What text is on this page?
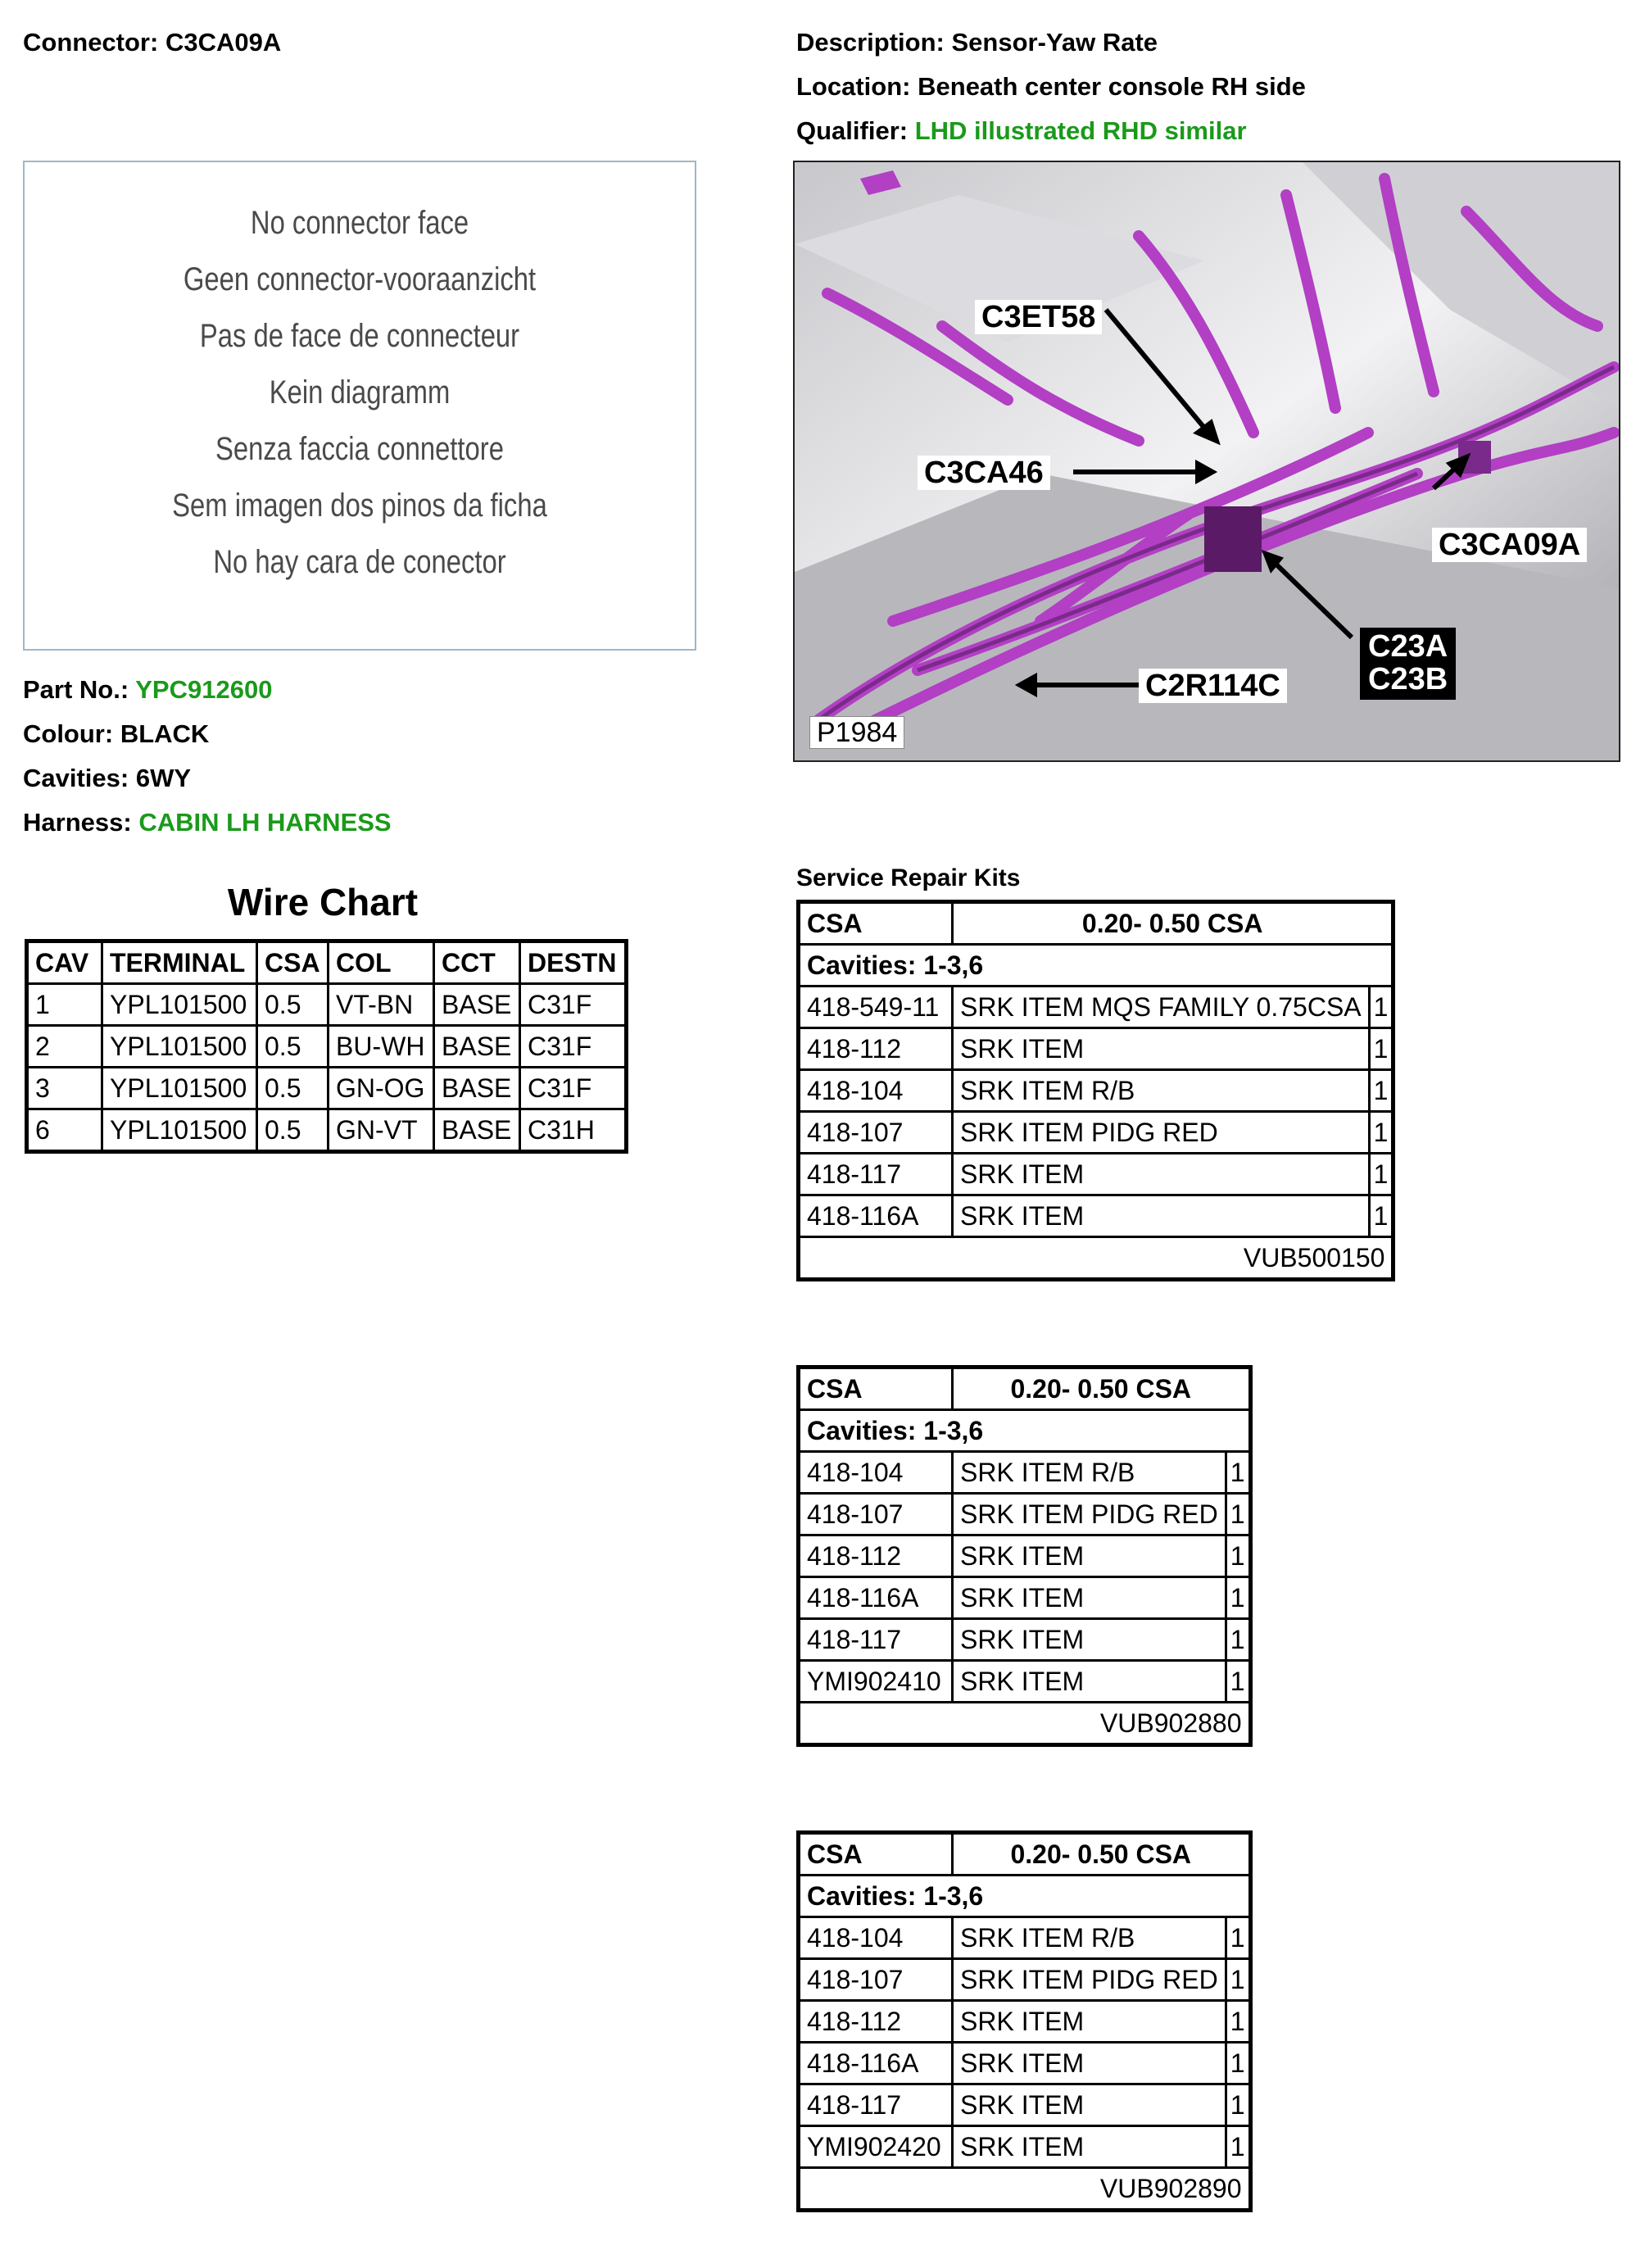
Connector: C3CA09A	Description: Sensor-Yaw Rate
Location: Beneath center console RH side
Qualifier: LHD illustrated RHD similar
No connector face
Geen connector-vooraanzicht
Pas de face de connecteur
Kein diagramm
Senza faccia connettore
Sem imagen dos pinos da ficha
No hay cara de conector
Part No.: YPC912600
Colour: BLACK
Cavities: 6WY
Harness: CABIN LH HARNESS
C3ET58
C3CA46
C3CA09A
C23A
C23B
C2R114C
P1984
Wire Chart
CAV	TERMINAL	CSA	COL	CCT	DESTN
1	YPL101500	0.5	VT-BN	BASE	C31F
2	YPL101500	0.5	BU-WH	BASE	C31F
3	YPL101500	0.5	GN-OG	BASE	C31F
6	YPL101500	0.5	GN-VT	BASE	C31H
Service Repair Kits
CSA	0.20- 0.50 CSA	
Cavities: 1-3,6		
418-549-11	SRK ITEM MQS FAMILY 0.75CSA	1
418-112	SRK ITEM	1
418-104	SRK ITEM R/B	1
418-107	SRK ITEM PIDG RED	1
418-117	SRK ITEM	1
418-116A	SRK ITEM	1
VUB500150		
CSA	0.20- 0.50 CSA	
Cavities: 1-3,6		
418-104	SRK ITEM R/B	1
418-107	SRK ITEM PIDG RED	1
418-112	SRK ITEM	1
418-116A	SRK ITEM	1
418-117	SRK ITEM	1
YMI902410	SRK ITEM	1
VUB902880		
CSA	0.20- 0.50 CSA	
Cavities: 1-3,6		
418-104	SRK ITEM R/B	1
418-107	SRK ITEM PIDG RED	1
418-112	SRK ITEM	1
418-116A	SRK ITEM	1
418-117	SRK ITEM	1
YMI902420	SRK ITEM	1
VUB902890		
